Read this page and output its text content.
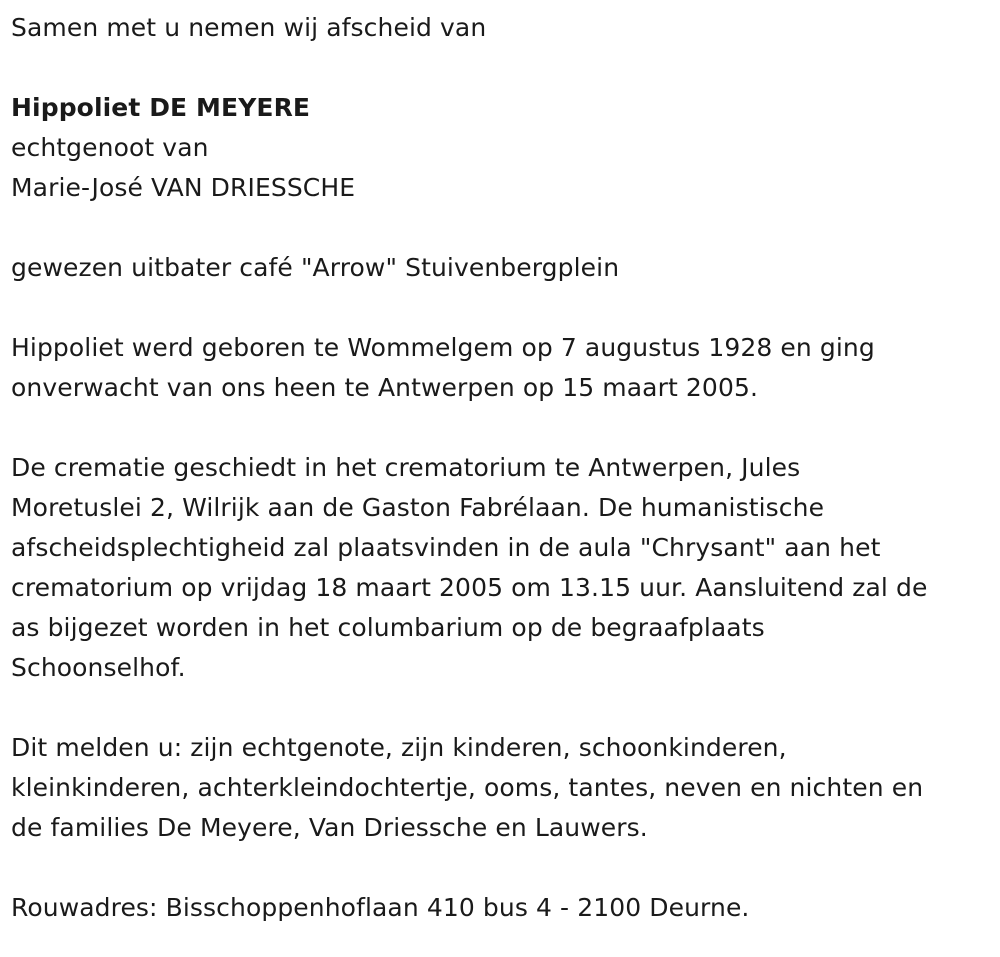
Samen met u nemen wij afscheid van
Hippoliet DE MEYERE
echtgenoot van
Marie-José VAN DRIESSCHE
gewezen uitbater café "Arrow" Stuivenbergplein
Hippoliet werd geboren te Wommelgem op 7 augustus 1928 en ging
onverwacht van ons heen te Antwerpen op 15 maart 2005.
De crematie geschiedt in het crematorium te Antwerpen, Jules
Moretuslei 2, Wilrijk aan de Gaston Fabrélaan. De humanistische
afscheidsplechtigheid zal plaatsvinden in de aula "Chrysant" aan het
crematorium op vrijdag 18 maart 2005 om 13.15 uur. Aansluitend zal de
as bijgezet worden in het columbarium op de begraafplaats
Schoonselhof.
Dit melden u: zijn echtgenote, zijn kinderen, schoonkinderen,
kleinkinderen, achterkleindochtertje, ooms, tantes, neven en nichten en
de families De Meyere, Van Driessche en Lauwers.
Rouwadres: Bisschoppenhoflaan 410 bus 4 - 2100 Deurne.
